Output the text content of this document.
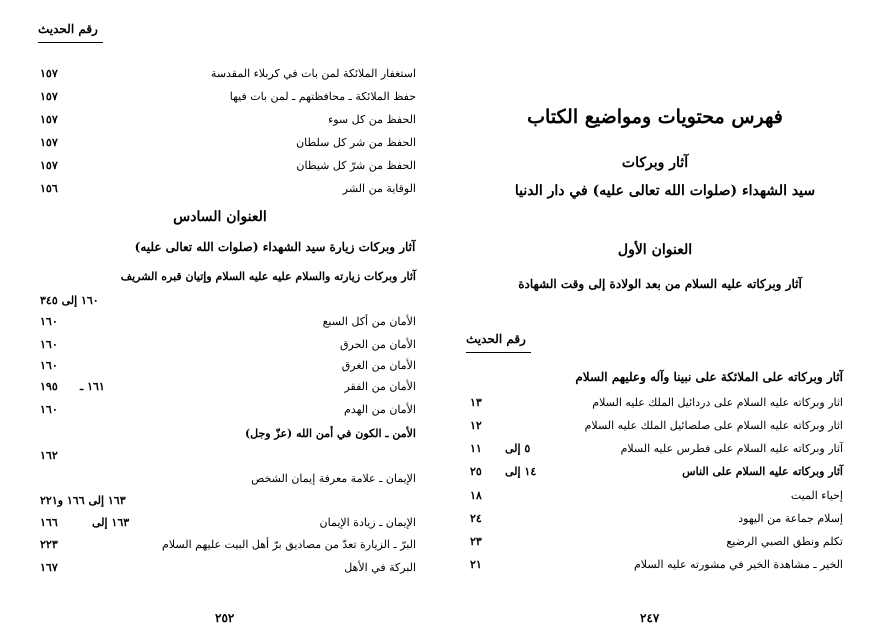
رقم الحديث
استغفار الملائكة لمن بات في كربلاء المقدسة
١٥٧
حفظ الملائكة ـ محافظتهم ـ لمن بات فيها
١٥٧
الحفظ من كل سوء
١٥٧
الحفظ من شر كل سلطان
١٥٧
الحفظ من شرّ كل شيطان
١٥٧
الوقاية من الشر
١٥٦
العنوان السادس
آثار وبركات زيارة سيد الشهداء (صلوات الله تعالى عليه)
آثار وبركات زيارته والسلام عليه عليه السلام وإتيان قبره الشريف
١٦٠ إلى ٣٤٥
الأمان من أكل السبع
١٦٠
الأمان من الحرق
١٦٠
الأمان من الغرق
١٦٠
الأمان من الفقر
١٦١ ـ
١٩٥
الأمان من الهدم
١٦٠
الأمن ـ الكون في أمن الله (عزّ وجل)
١٦٢
الإيمان ـ علامة معرفة إيمان الشخص
١٦٣ إلى ١٦٦ و٢٢١
الإيمان ـ زيادة الإيمان
١٦٣ إلى
١٦٦
البرّ ـ الزيارة تعدّ من مصاديق برّ أهل البيت عليهم السلام
٢٢٣
البركة في الأهل
١٦٧
٢٥٢
فهرس محتويات ومواضيع الكتاب
آثار وبركات
سيد الشهداء (صلوات الله تعالى عليه) في دار الدنيا
العنوان الأول
آثار وبركاته عليه السلام من بعد الولادة إلى وقت الشهادة
رقم الحديث
آثار وبركاته على الملائكة على نبينا وآله وعليهم السلام
اثار وبركاته عليه السلام على دردائيل الملك عليه السلام
١٣
اثار وبركاته عليه السلام على صلصائيل الملك عليه السلام
١٢
آثار وبركاته عليه السلام على فطرس عليه السلام
٥ إلى
١١
آثار وبركاته عليه السلام على الناس
١٤ إلى
٢٥
إحياء الميت
١٨
إسلام جماعة من اليهود
٢٤
تكلم ونطق الصبي الرضيع
٢٣
الخير ـ مشاهدة الخير في مشورته عليه السلام
٢١
٢٤٧
